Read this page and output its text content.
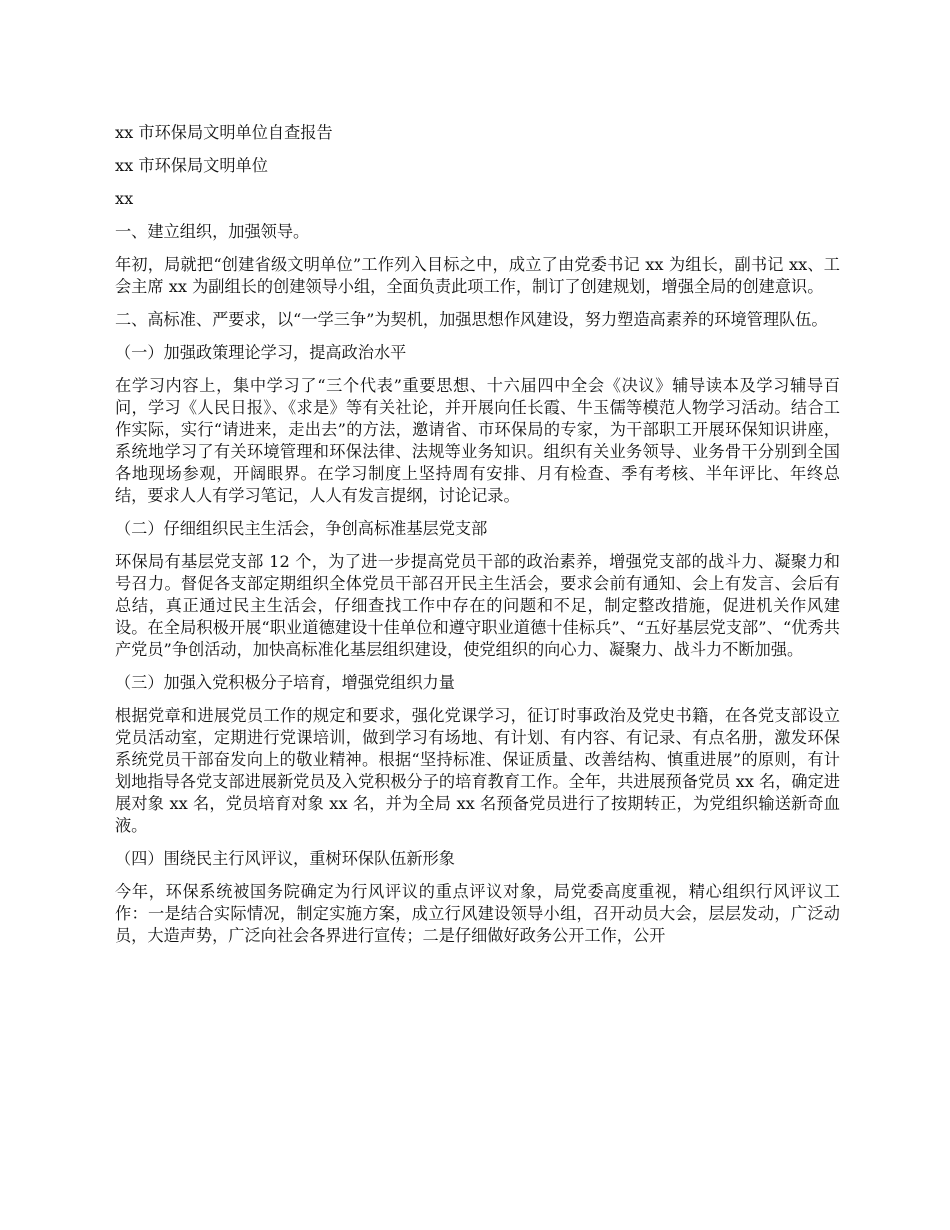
xx 市环保局文明单位自查报告

xx 市环保局文明单位

xx

一、建立组织，加强领导。

年初，局就把“创建省级文明单位”工作列入目标之中，成立了由党委书记 xx 为组长，副书记 xx、工会主席 xx 为副组长的创建领导小组，全面负责此项工作，制订了创建规划，增强全局的创建意识。

二、高标准、严要求，以“一学三争”为契机，加强思想作风建设，努力塑造高素养的环境管理队伍。

（一）加强政策理论学习，提高政治水平

在学习内容上，集中学习了“三个代表”重要思想、十六届四中全会《决议》辅导读本及学习辅导百问，学习《人民日报》、《求是》等有关社论，并开展向任长霞、牛玉儒等模范人物学习活动。结合工作实际，实行“请进来，走出去”的方法，邀请省、市环保局的专家，为干部职工开展环保知识讲座，系统地学习了有关环境管理和环保法律、法规等业务知识。组织有关业务领导、业务骨干分别到全国各地现场参观，开阔眼界。在学习制度上坚持周有安排、月有检查、季有考核、半年评比、年终总结，要求人人有学习笔记，人人有发言提纲，讨论记录。

（二）仔细组织民主生活会，争创高标准基层党支部

环保局有基层党支部 12 个，为了进一步提高党员干部的政治素养，增强党支部的战斗力、凝聚力和号召力。督促各支部定期组织全体党员干部召开民主生活会，要求会前有通知、会上有发言、会后有总结，真正通过民主生活会，仔细查找工作中存在的问题和不足，制定整改措施，促进机关作风建设。在全局积极开展“职业道德建设十佳单位和遵守职业道德十佳标兵”、“五好基层党支部”、“优秀共产党员”争创活动，加快高标准化基层组织建设，使党组织的向心力、凝聚力、战斗力不断加强。

（三）加强入党积极分子培育，增强党组织力量

根据党章和进展党员工作的规定和要求，强化党课学习，征订时事政治及党史书籍，在各党支部设立党员活动室，定期进行党课培训，做到学习有场地、有计划、有内容、有记录、有点名册，激发环保系统党员干部奋发向上的敬业精神。根据“坚持标准、保证质量、改善结构、慎重进展”的原则，有计划地指导各党支部进展新党员及入党积极分子的培育教育工作。全年，共进展预备党员 xx 名，确定进展对象 xx 名，党员培育对象 xx 名，并为全局 xx 名预备党员进行了按期转正，为党组织输送新奇血液。

（四）围绕民主行风评议，重树环保队伍新形象

今年，环保系统被国务院确定为行风评议的重点评议对象，局党委高度重视，精心组织行风评议工作：一是结合实际情况，制定实施方案，成立行风建设领导小组，召开动员大会，层层发动，广泛动员，大造声势，广泛向社会各界进行宣传；二是仔细做好政务公开工作，公开
